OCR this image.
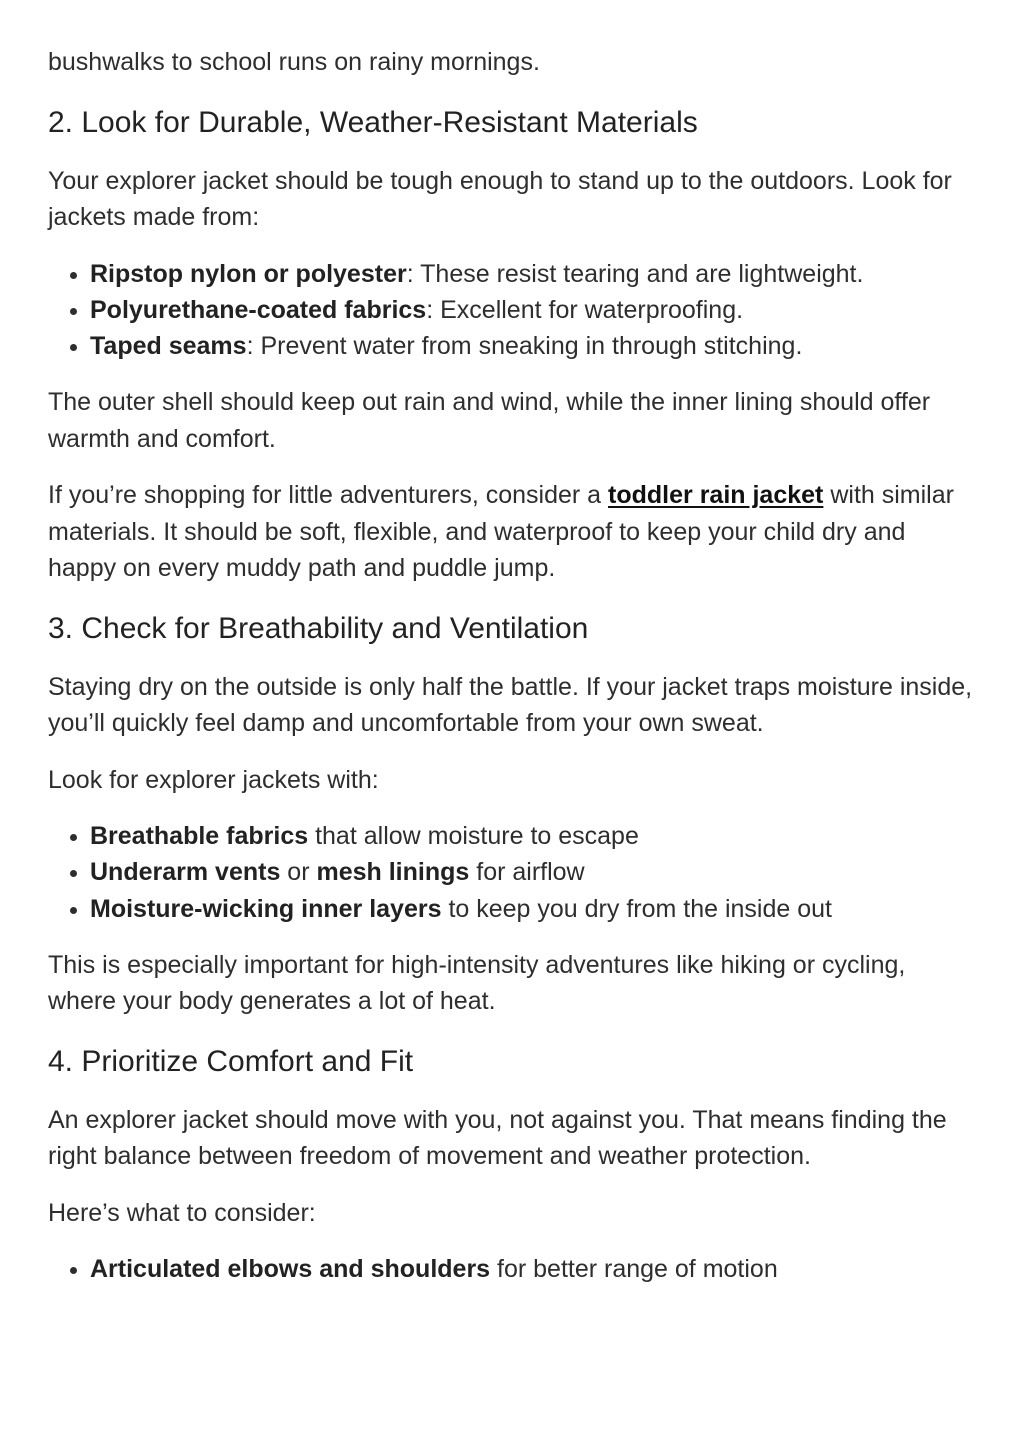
bushwalks to school runs on rainy mornings.

2. Look for Durable, Weather-Resistant Materials

Your explorer jacket should be tough enough to stand up to the outdoors. Look for jackets made from:

• Ripstop nylon or polyester: These resist tearing and are lightweight.
• Polyurethane-coated fabrics: Excellent for waterproofing.
• Taped seams: Prevent water from sneaking in through stitching.

The outer shell should keep out rain and wind, while the inner lining should offer warmth and comfort.

If you’re shopping for little adventurers, consider a toddler rain jacket with similar materials. It should be soft, flexible, and waterproof to keep your child dry and happy on every muddy path and puddle jump.

3. Check for Breathability and Ventilation

Staying dry on the outside is only half the battle. If your jacket traps moisture inside, you’ll quickly feel damp and uncomfortable from your own sweat.

Look for explorer jackets with:

• Breathable fabrics that allow moisture to escape
• Underarm vents or mesh linings for airflow
• Moisture-wicking inner layers to keep you dry from the inside out

This is especially important for high-intensity adventures like hiking or cycling, where your body generates a lot of heat.

4. Prioritize Comfort and Fit

An explorer jacket should move with you, not against you. That means finding the right balance between freedom of movement and weather protection.

Here’s what to consider:

• Articulated elbows and shoulders for better range of motion
